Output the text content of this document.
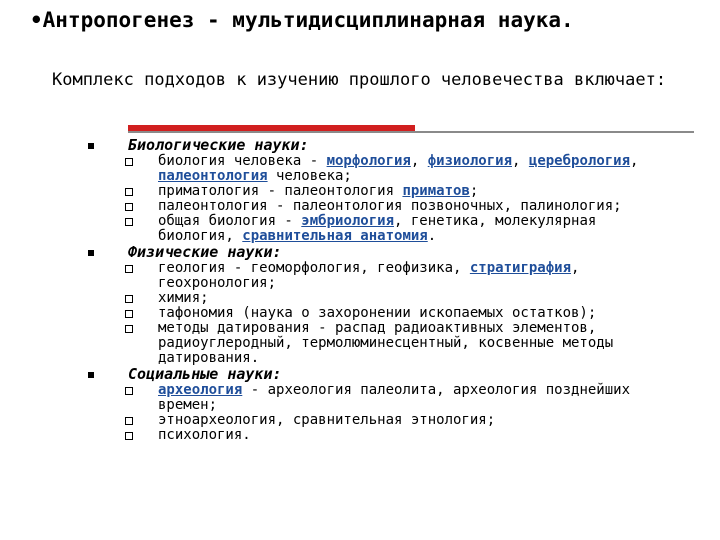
•Антропогенез - мультидисциплинарная наука.
Комплекс подходов к изучению прошлого человечества включает:
Биологические науки:
биология человека - морфология, физиология, церебрология, палеонтология человека;
приматология - палеонтология приматов;
палеонтология - палеонтология позвоночных, палинология;
общая биология - эмбриология, генетика, молекулярная биология, сравнительная анатомия.
Физические науки:
геология - геоморфология, геофизика, стратиграфия, геохронология;
химия;
тафономия (наука о захоронении ископаемых остатков);
методы датирования - распад радиоактивных элементов, радиоуглеродный, термолюминесцентный, косвенные методы датирования.
Социальные науки:
археология - археология палеолита, археология позднейших времен;
этноархеология, сравнительная этнология;
психология.
